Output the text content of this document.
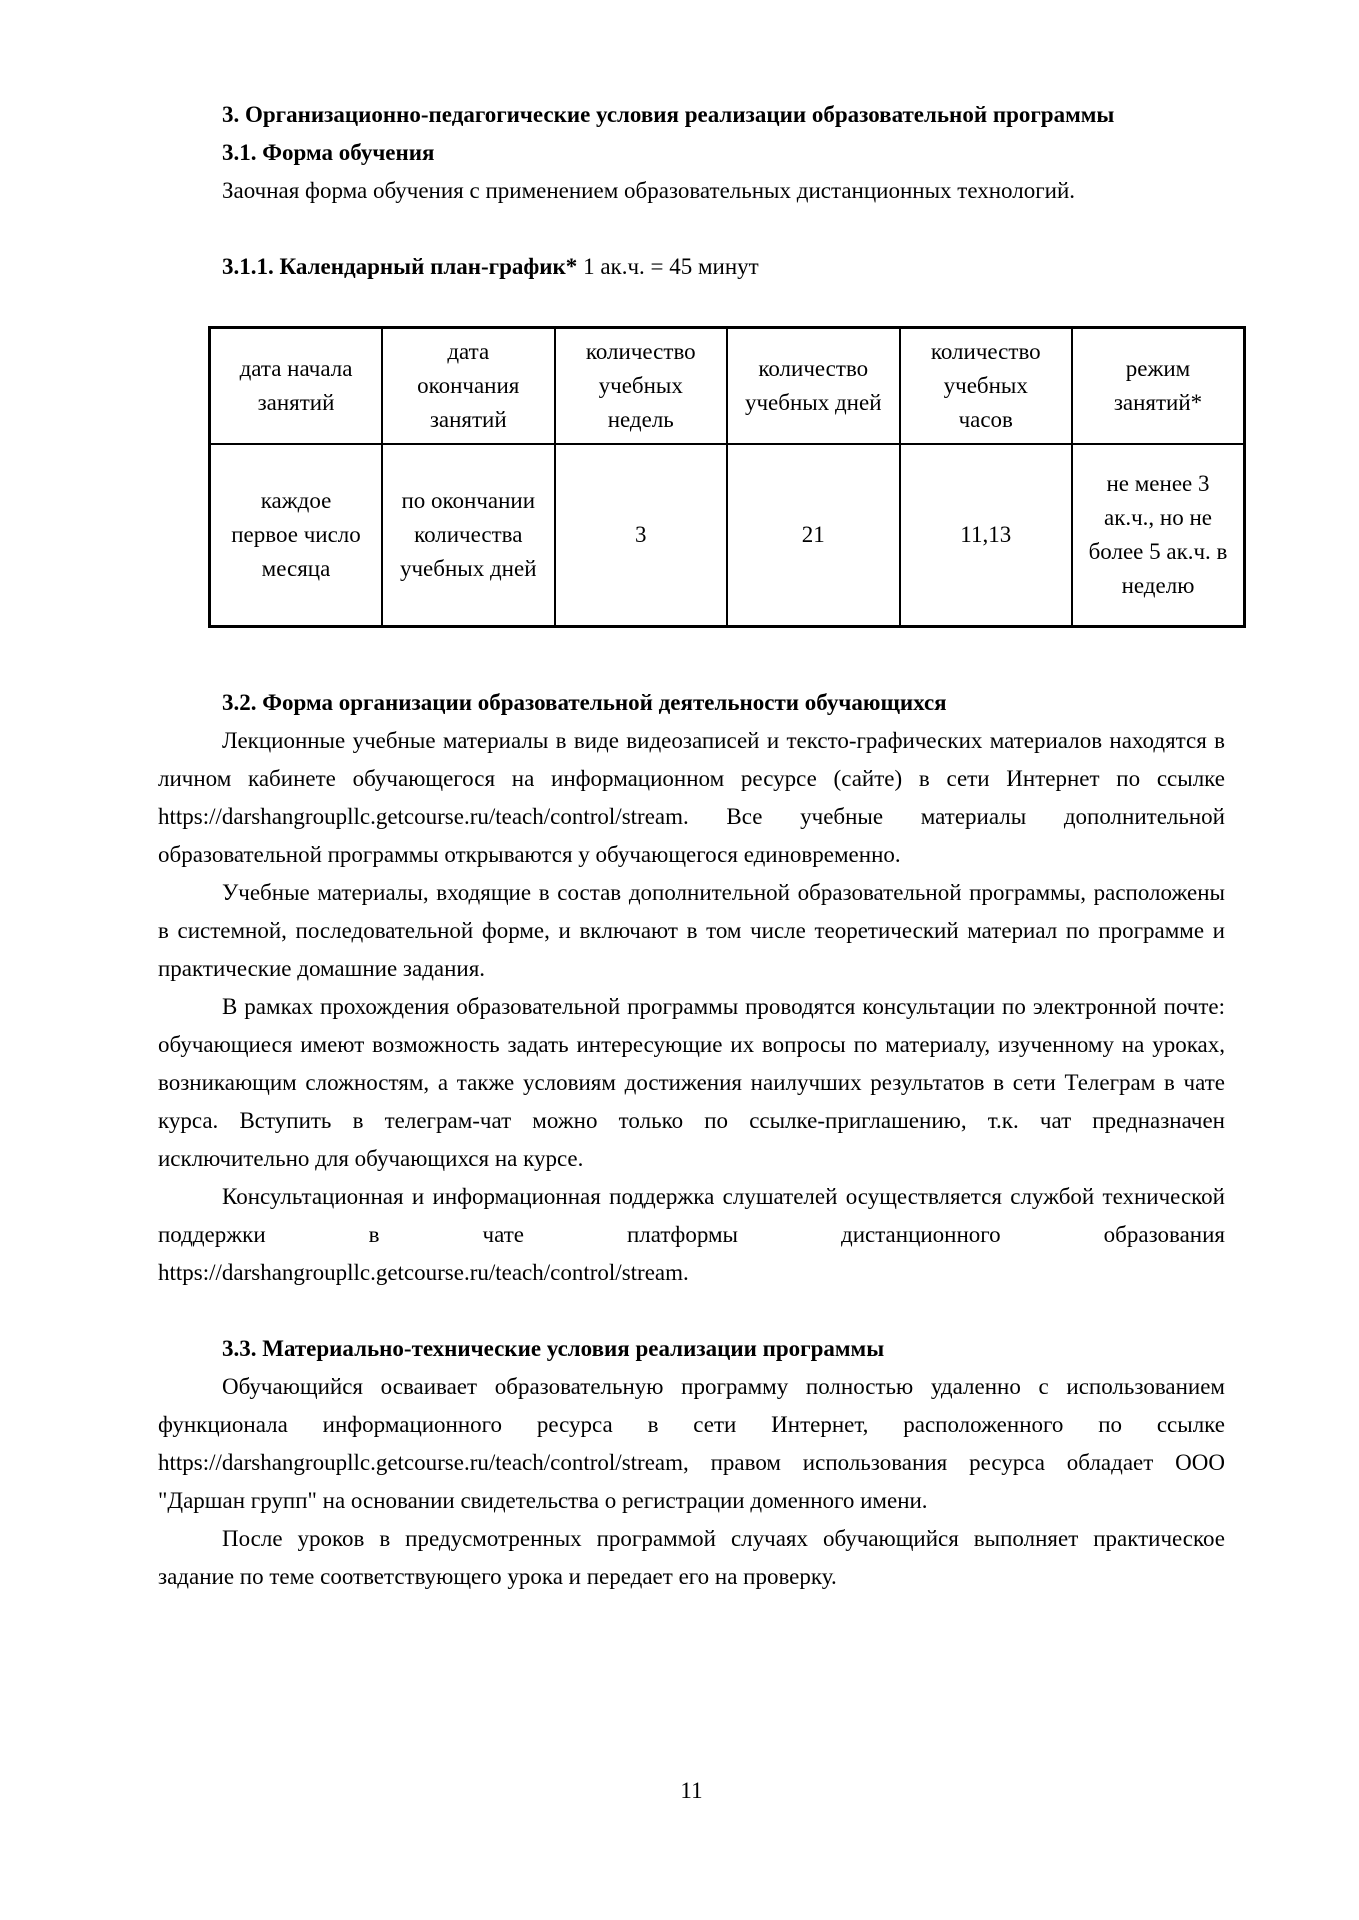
3. Организационно-педагогические условия реализации образовательной программы

3.1. Форма обучения

Заочная форма обучения с применением образовательных дистанционных технологий.

3.1.1. Календарный план-график* 1 ак.ч. = 45 минут

дата начала занятий	дата окончания занятий	количество учебных недель	количество учебных дней	количество учебных часов	режим занятий*
каждое первое число месяца	по окончании количества учебных дней	3	21	11,13	не менее 3 ак.ч., но не более 5 ак.ч. в неделю

3.2. Форма организации образовательной деятельности обучающихся

Лекционные учебные материалы в виде видеозаписей и тексто-графических материалов находятся в личном кабинете обучающегося на информационном ресурсе (сайте) в сети Интернет по ссылке https://darshangroupllc.getcourse.ru/teach/control/stream. Все учебные материалы дополнительной образовательной программы открываются у обучающегося единовременно.

Учебные материалы, входящие в состав дополнительной образовательной программы, расположены в системной, последовательной форме, и включают в том числе теоретический материал по программе и практические домашние задания.

В рамках прохождения образовательной программы проводятся консультации по электронной почте: обучающиеся имеют возможность задать интересующие их вопросы по материалу, изученному на уроках, возникающим сложностям, а также условиям достижения наилучших результатов в сети Телеграм в чате курса. Вступить в телеграм-чат можно только по ссылке-приглашению, т.к. чат предназначен исключительно для обучающихся на курсе.

Консультационная и информационная поддержка слушателей осуществляется службой технической поддержки в чате платформы дистанционного образования https://darshangroupllc.getcourse.ru/teach/control/stream.

3.3. Материально-технические условия реализации программы

Обучающийся осваивает образовательную программу полностью удаленно с использованием функционала информационного ресурса в сети Интернет, расположенного по ссылке https://darshangroupllc.getcourse.ru/teach/control/stream, правом использования ресурса обладает ООО "Даршан групп" на основании свидетельства о регистрации доменного имени.

После уроков в предусмотренных программой случаях обучающийся выполняет практическое задание по теме соответствующего урока и передает его на проверку.

11
